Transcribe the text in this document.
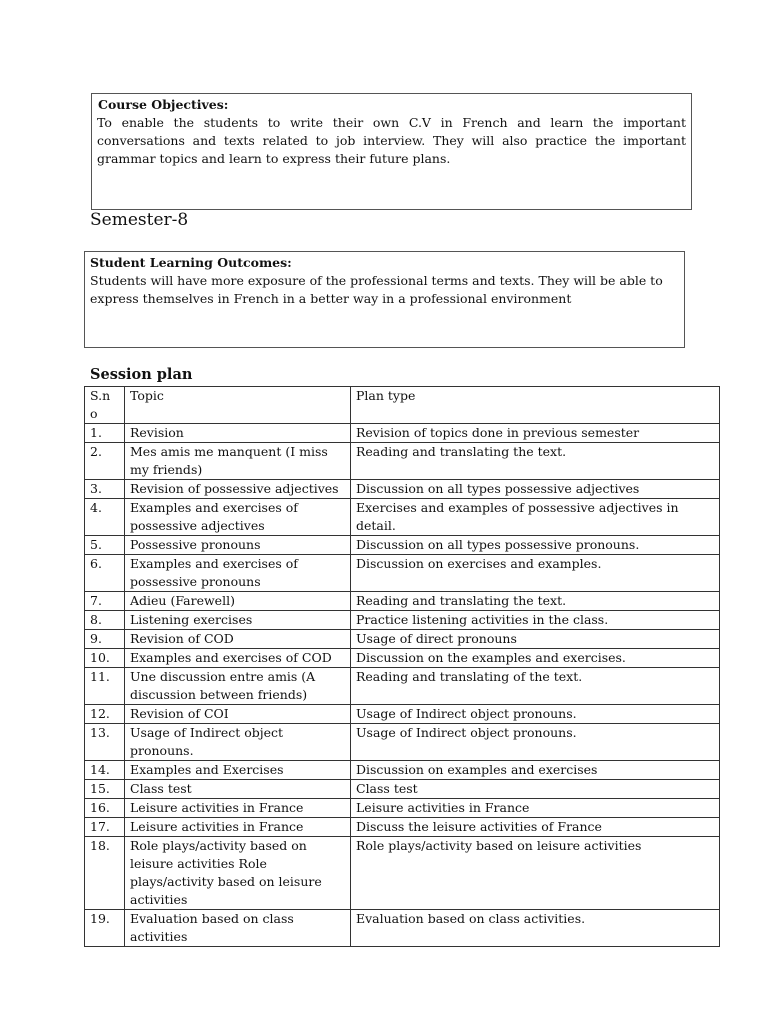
Course Objectives:
To enable the students to write their own C.V in French and learn the important conversations and texts related to job interview. They will also practice the important grammar topics and learn to express their future plans.
Semester-8
Student Learning Outcomes:
Students will have more exposure of the professional terms and texts. They will be able to express themselves in French in a better way in a professional environment
Session plan
S.n o	Topic	Plan type
1.	Revision	Revision of topics done in previous semester
2.	Mes amis me manquent (I miss my friends)	Reading and translating the text.
3.	Revision of possessive adjectives	Discussion on all types possessive adjectives
4.	Examples and exercises of possessive adjectives	Exercises and examples of possessive adjectives in detail.
5.	Possessive pronouns	Discussion on all types possessive pronouns.
6.	Examples and exercises of possessive pronouns	Discussion on exercises and examples.
7.	Adieu (Farewell)	Reading and translating the text.
8.	Listening exercises	Practice listening activities in the class.
9.	Revision of COD	Usage of direct pronouns
10.	Examples and exercises of COD	Discussion on the examples and exercises.
11.	Une discussion entre amis (A discussion between friends)	Reading and translating of the text.
12.	Revision of COI	Usage of Indirect object pronouns.
13.	Usage of Indirect object pronouns.	Usage of Indirect object pronouns.
14.	Examples and Exercises	Discussion on examples and exercises
15.	Class test	Class test
16.	Leisure activities in France	Leisure activities in France
17.	Leisure activities in France	Discuss the leisure activities of France
18.	Role plays/activity based on leisure activities Role plays/activity based on leisure activities	Role plays/activity based on leisure activities
19.	Evaluation based on class activities	Evaluation based on class activities.
